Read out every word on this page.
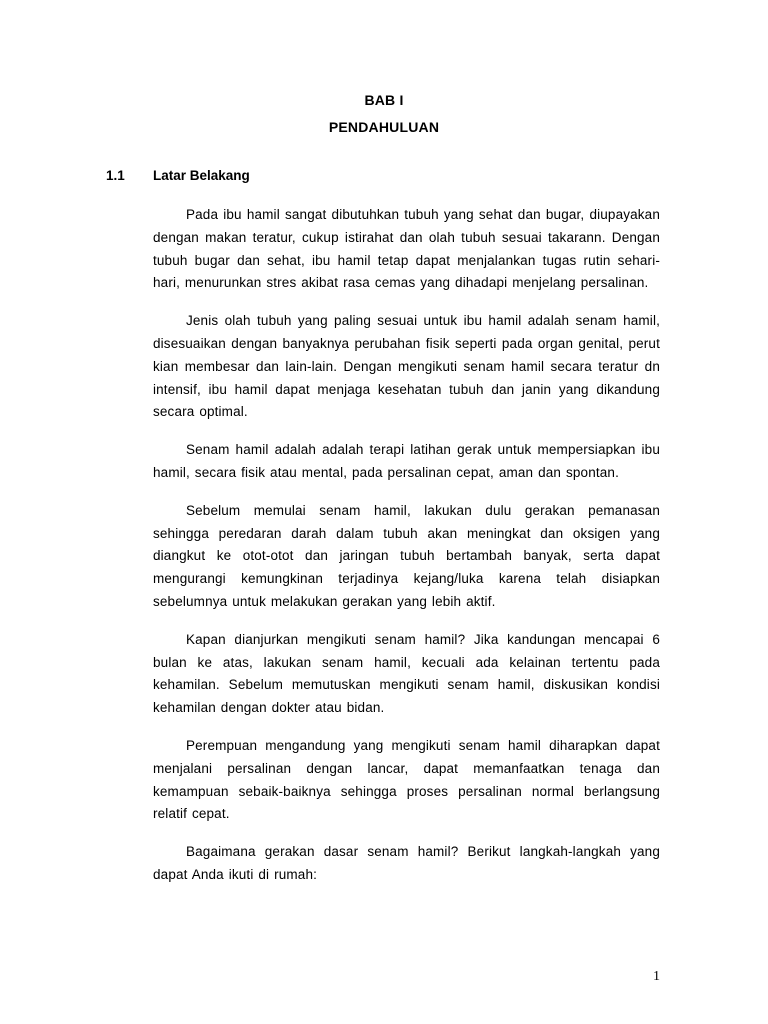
BAB I
PENDAHULUAN
1.1 Latar Belakang

Pada ibu hamil sangat dibutuhkan tubuh yang sehat dan bugar, diupayakan dengan makan teratur, cukup istirahat dan olah tubuh sesuai takarann. Dengan tubuh bugar dan sehat, ibu hamil tetap dapat menjalankan tugas rutin sehari-hari, menurunkan stres akibat rasa cemas yang dihadapi menjelang persalinan.

Jenis olah tubuh yang paling sesuai untuk ibu hamil adalah senam hamil, disesuaikan dengan banyaknya perubahan fisik seperti pada organ genital, perut kian membesar dan lain-lain. Dengan mengikuti senam hamil secara teratur dn intensif, ibu hamil dapat menjaga kesehatan tubuh dan janin yang dikandung secara optimal.

Senam hamil adalah adalah terapi latihan gerak untuk mempersiapkan ibu hamil, secara fisik atau mental, pada persalinan cepat, aman dan spontan.

Sebelum memulai senam hamil, lakukan dulu gerakan pemanasan sehingga peredaran darah dalam tubuh akan meningkat dan oksigen yang diangkut ke otot-otot dan jaringan tubuh bertambah banyak, serta dapat mengurangi kemungkinan terjadinya kejang/luka karena telah disiapkan sebelumnya untuk melakukan gerakan yang lebih aktif.

Kapan dianjurkan mengikuti senam hamil? Jika kandungan mencapai 6 bulan ke atas, lakukan senam hamil, kecuali ada kelainan tertentu pada kehamilan. Sebelum memutuskan mengikuti senam hamil, diskusikan kondisi kehamilan dengan dokter atau bidan.

Perempuan mengandung yang mengikuti senam hamil diharapkan dapat menjalani persalinan dengan lancar, dapat memanfaatkan tenaga dan kemampuan sebaik-baiknya sehingga proses persalinan normal berlangsung relatif cepat.

Bagaimana gerakan dasar senam hamil? Berikut langkah-langkah yang dapat Anda ikuti di rumah:

1
